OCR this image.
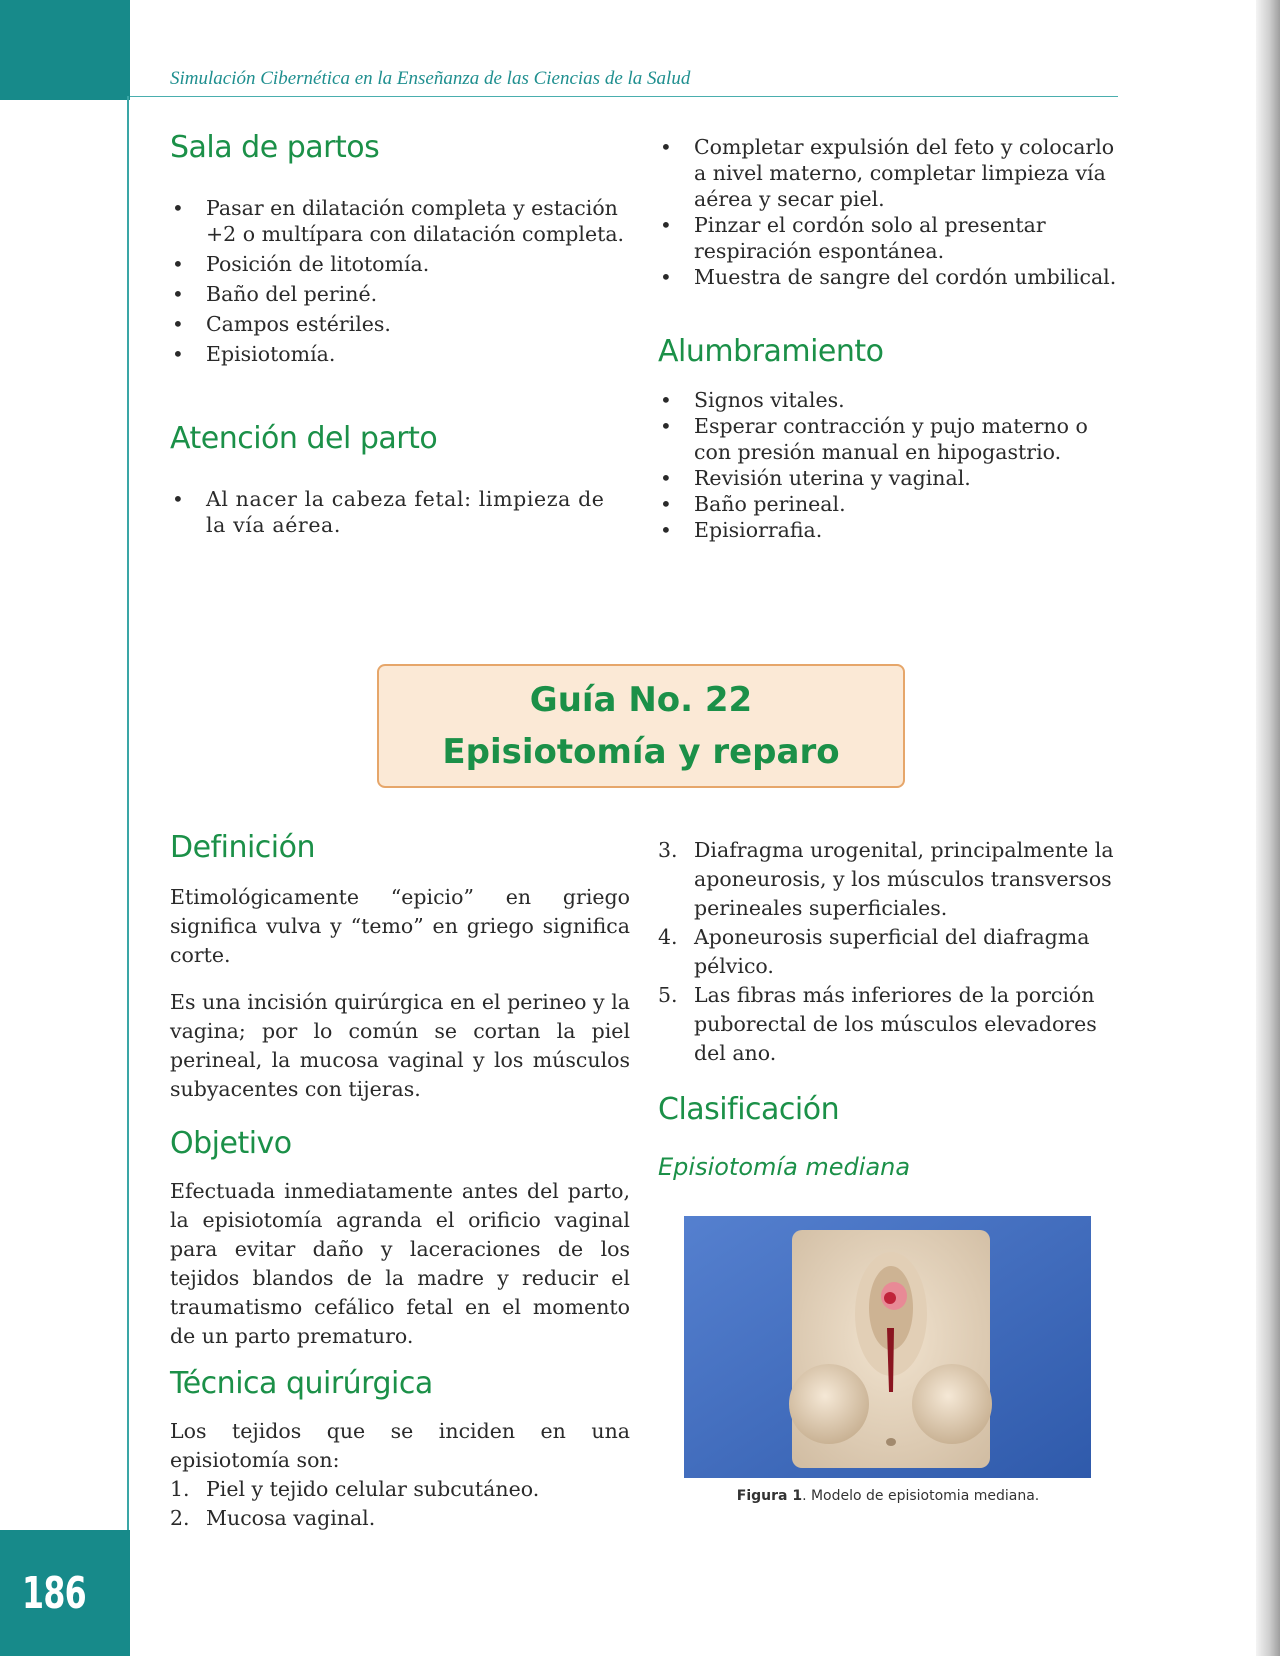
186
Simulación Cibernética en la Enseñanza de las Ciencias de la Salud
Sala de partos
• Pasar en dilatación completa y estación +2 o multípara con dilatación completa.
• Posición de litotomía.
• Baño del periné.
• Campos estériles.
• Episiotomía.
Atención del parto
• Al nacer la cabeza fetal: limpieza de la vía aérea.
• Completar expulsión del feto y colocarlo a nivel materno, completar limpieza vía aérea y secar piel.
• Pinzar el cordón solo al presentar respiración espontánea.
• Muestra de sangre del cordón umbilical.
Alumbramiento
• Signos vitales.
• Esperar contracción y pujo materno o con presión manual en hipogastrio.
• Revisión uterina y vaginal.
• Baño perineal.
• Episiorrafia.
Guía No. 22
Episiotomía y reparo
Definición

Etimológicamente “epicio” en griego significa vulva y “temo” en griego significa corte.

Es una incisión quirúrgica en el perineo y la vagina; por lo común se cortan la piel perineal, la mucosa vaginal y los músculos subyacentes con tijeras.

Objetivo

Efectuada inmediatamente antes del parto, la episiotomía agranda el orificio vaginal para evitar daño y laceraciones de los tejidos blandos de la madre y reducir el traumatismo cefálico fetal en el momento de un parto prematuro.

Técnica quirúrgica

Los tejidos que se inciden en una episiotomía son:

1. Piel y tejido celular subcutáneo.
2. Mucosa vaginal.
3. Diafragma urogenital, principalmente la aponeurosis, y los músculos transversos perineales superficiales.
4. Aponeurosis superficial del diafragma pélvico.
5. Las fibras más inferiores de la porción puborectal de los músculos elevadores del ano.
Clasificación
Episiotomía mediana
Figura 1. Modelo de episiotomia mediana.
